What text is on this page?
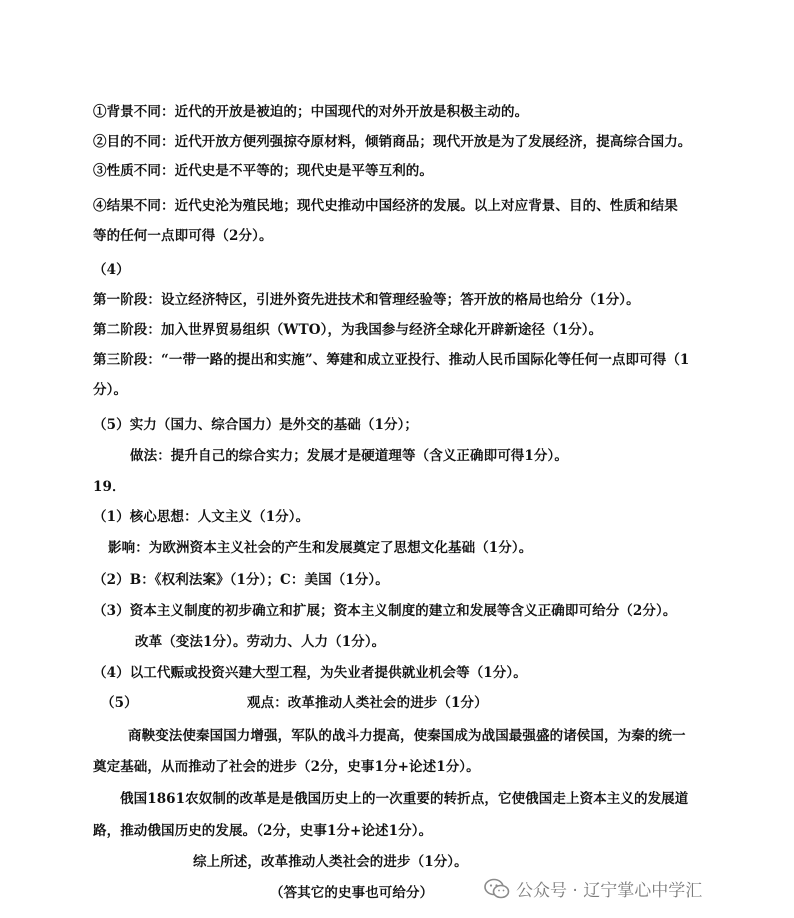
①背景不同：近代的开放是被迫的；中国现代的对外开放是积极主动的。
②目的不同：近代开放方便列强掠夺原材料，倾销商品；现代开放是为了发展经济，提高综合国力。
③性质不同：近代史是不平等的；现代史是平等互利的。
④结果不同：近代史沦为殖民地；现代史推动中国经济的发展。以上对应背景、目的、性质和结果
等的任何一点即可得（2分）。
（4）
第一阶段：设立经济特区，引进外资先进技术和管理经验等；答开放的格局也给分（1分）。
第二阶段：加入世界贸易组织（WTO），为我国参与经济全球化开辟新途径（1分）。
第三阶段：“一带一路的提出和实施”、筹建和成立亚投行、推动人民币国际化等任何一点即可得（1
分）。
（5）实力（国力、综合国力）是外交的基础（1分）；
做法：提升自己的综合实力；发展才是硬道理等（含义正确即可得1分）。
19．
（1）核心思想：人文主义（1分）。
影响：为欧洲资本主义社会的产生和发展奠定了思想文化基础（1分）。
（2）B：《权利法案》（1分）；C：美国（1分）。
（3）资本主义制度的初步确立和扩展；资本主义制度的建立和发展等含义正确即可给分（2分）。
改革（变法1分）。劳动力、人力（1分）。
（4）以工代赈或投资兴建大型工程，为失业者提供就业机会等（1分）。
（5）	观点：改革推动人类社会的进步（1分）
商鞅变法使秦国国力增强，军队的战斗力提高，使秦国成为战国最强盛的诸侯国，为秦的统一
奠定基础，从而推动了社会的进步（2分，史事1分+论述1分）。
俄国1861农奴制的改革是是俄国历史上的一次重要的转折点，它使俄国走上资本主义的发展道
路，推动俄国历史的发展。（2分，史事1分+论述1分）。
综上所述，改革推动人类社会的进步（1分）。
（答其它的史事也可给分）	公众号 · 辽宁掌心中学汇
